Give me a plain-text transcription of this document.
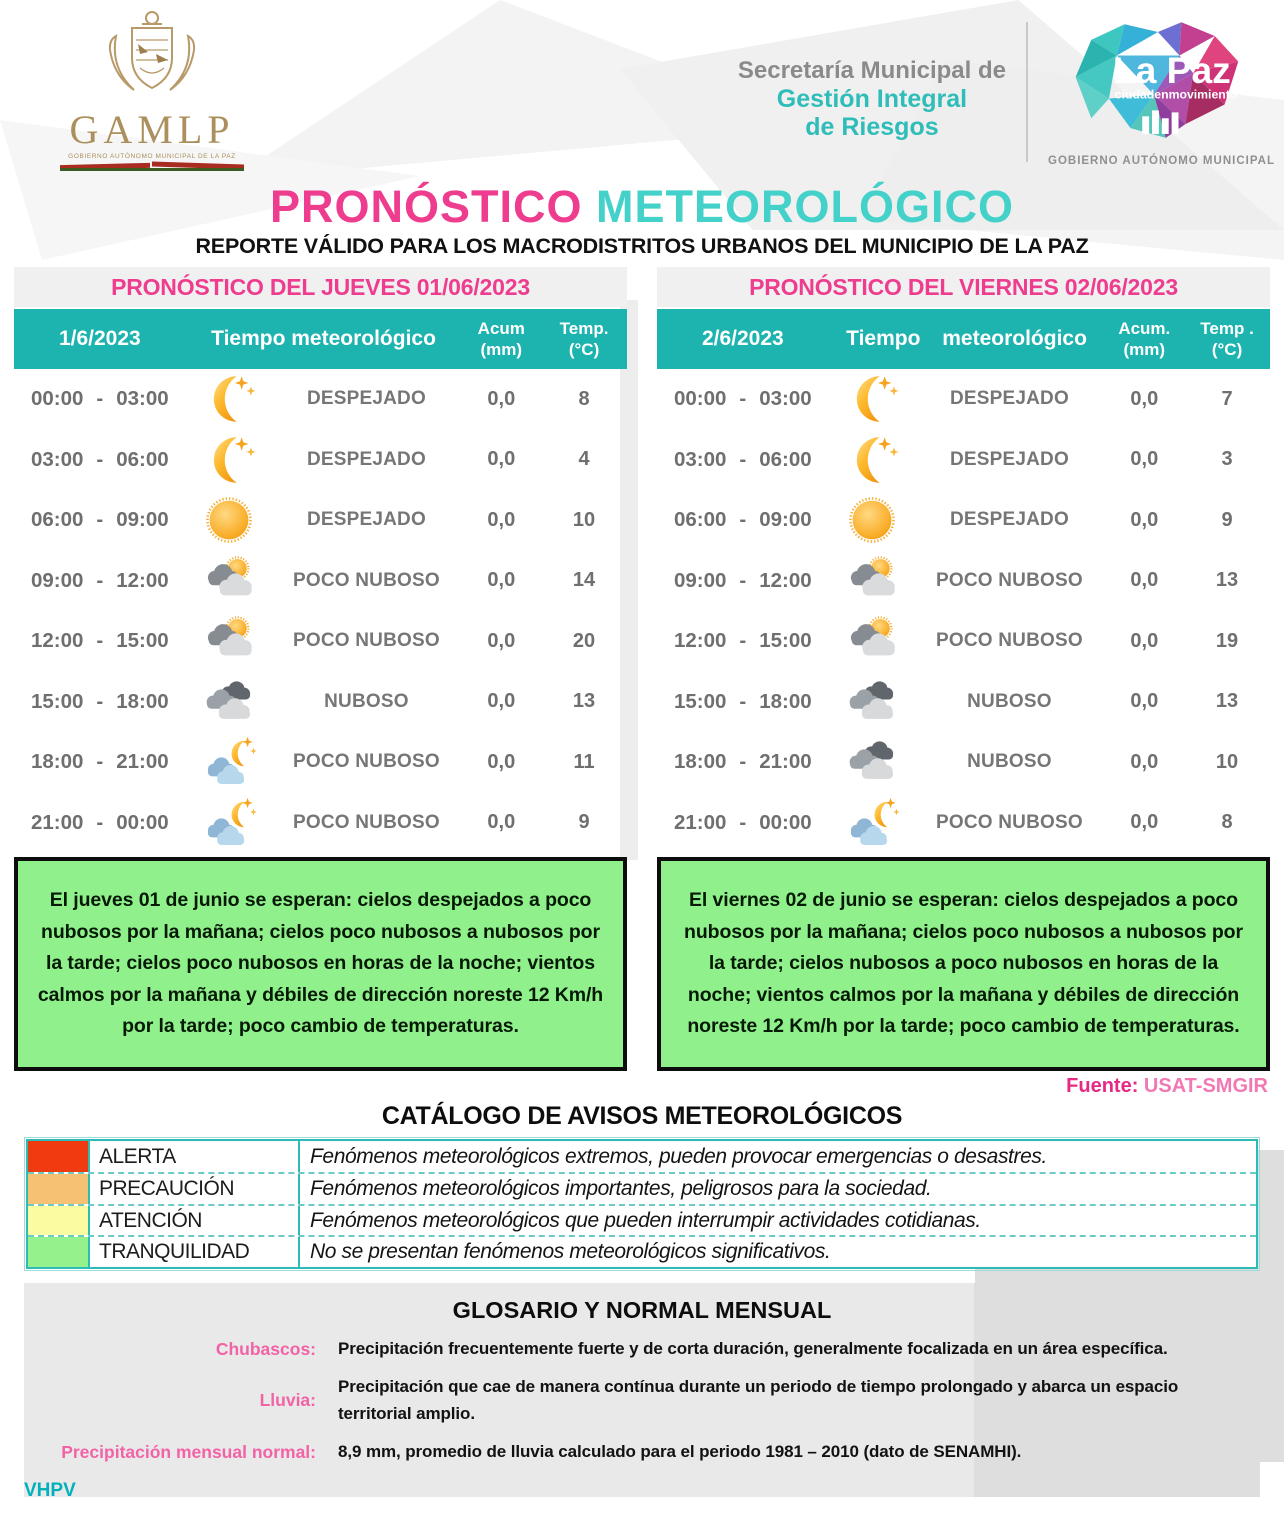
GAMLP
GOBIERNO AUTÓNOMO MUNICIPAL DE LA PAZ
Secretaría Municipal de
Gestión Integral
de Riesgos
La Paz
ciudadenmovimiento
GOBIERNO AUTÓNOMO MUNICIPAL
PRONÓSTICO METEOROLÓGICO
REPORTE VÁLIDO PARA LOS MACRODISTRITOS URBANOS DEL MUNICIPIO DE LA PAZ
PRONÓSTICO DEL JUEVES 01/06/2023	PRONÓSTICO DEL VIERNES 02/06/2023
1/6/2023	Tiempo meteorológico	Acum
(mm)
Temp.
(°C)
00:00 - 03:00	DESPEJADO	0,0	8
03:00 - 06:00	DESPEJADO	0,0	4
06:00 - 09:00	DESPEJADO	0,0	10
09:00 - 12:00	POCO NUBOSO	0,0	14
12:00 - 15:00	POCO NUBOSO	0,0	20
15:00 - 18:00	NUBOSO	0,0	13
18:00 - 21:00	POCO NUBOSO	0,0	11
21:00 - 00:00	POCO NUBOSO	0,0	9
2/6/2023	Tiempo meteorológico	Acum.
(mm)
Temp .
(°C)
00:00 - 03:00	DESPEJADO	0,0	7
03:00 - 06:00	DESPEJADO	0,0	3
06:00 - 09:00	DESPEJADO	0,0	9
09:00 - 12:00	POCO NUBOSO	0,0	13
12:00 - 15:00	POCO NUBOSO	0,0	19
15:00 - 18:00	NUBOSO	0,0	13
18:00 - 21:00	NUBOSO	0,0	10
21:00 - 00:00	POCO NUBOSO	0,0	8

El jueves 01 de junio se esperan: cielos despejados a poco nubosos por la mañana; cielos poco nubosos a nubosos por la tarde; cielos poco nubosos en horas de la noche; vientos calmos por la mañana y débiles de dirección noreste 12 Km/h por la tarde; poco cambio de temperaturas.

El viernes 02 de junio se esperan: cielos despejados a poco nubosos por la mañana; cielos poco nubosos a nubosos por la tarde; cielos nubosos a poco nubosos en horas de la noche; vientos calmos por la mañana y débiles de dirección noreste 12 Km/h por la tarde; poco cambio de temperaturas.

Fuente: USAT-SMGIR
CATÁLOGO DE AVISOS METEOROLÓGICOS
ALERTA	Fenómenos meteorológicos extremos, pueden provocar emergencias o desastres.
PRECAUCIÓN	Fenómenos meteorológicos importantes, peligrosos para la sociedad.
ATENCIÓN	Fenómenos meteorológicos que pueden interrumpir actividades cotidianas.
TRANQUILIDAD	No se presentan fenómenos meteorológicos significativos.
GLOSARIO Y NORMAL MENSUAL
Chubascos: Precipitación frecuentemente fuerte y de corta duración, generalmente focalizada en un área específica.
Lluvia:
Precipitación que cae de manera contínua durante un periodo de tiempo prolongado y abarca un espacio territorial amplio.
Precipitación mensual normal: 8,9 mm, promedio de lluvia calculado para el periodo 1981 – 2010 (dato de SENAMHI).
VHPV
